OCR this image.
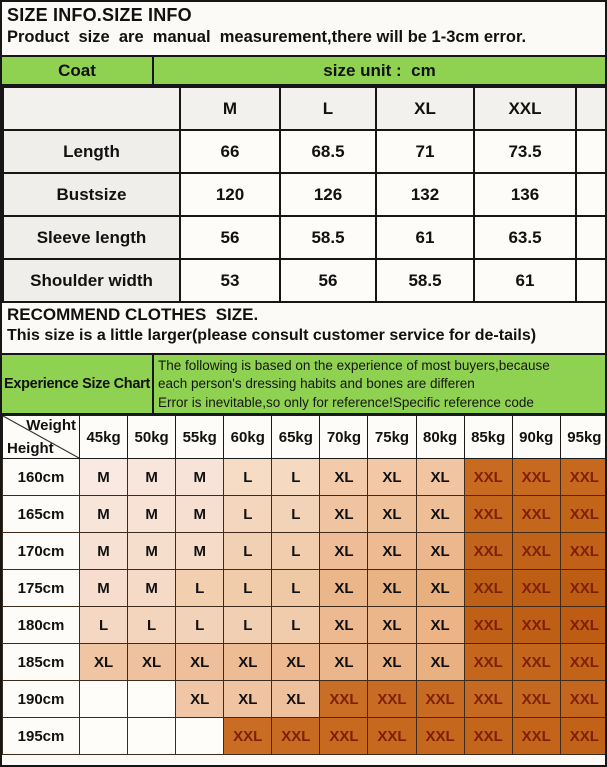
SIZE INFO.SIZE INFO
Product  size  are  manual  measurement,there will be 1-3cm error.
Coat	size unit :  cm
	M	L	XL	XXL	
Length	66	68.5	71	73.5	
Bustsize	120	126	132	136	
Sleeve length	56	58.5	61	63.5	
Shoulder width	53	56	58.5	61	
RECOMMEND CLOTHES  SIZE.
This size is a little larger(please consult customer service for de-tails)
Experience Size Chart
The following is based on the experience of most buyers,because
each person's dressing habits and bones are differen
Error is inevitable,so only for reference!Specific reference code
Weight
Height	45kg	50kg	55kg	60kg	65kg	70kg	75kg	80kg	85kg	90kg	95kg
160cm	M	M	M	L	L	XL	XL	XL	XXL	XXL	XXL
165cm	M	M	M	L	L	XL	XL	XL	XXL	XXL	XXL
170cm	M	M	M	L	L	XL	XL	XL	XXL	XXL	XXL
175cm	M	M	L	L	L	XL	XL	XL	XXL	XXL	XXL
180cm	L	L	L	L	L	XL	XL	XL	XXL	XXL	XXL
185cm	XL	XL	XL	XL	XL	XL	XL	XL	XXL	XXL	XXL
190cm			XL	XL	XL	XXL	XXL	XXL	XXL	XXL	XXL
195cm				XXL	XXL	XXL	XXL	XXL	XXL	XXL	XXL
